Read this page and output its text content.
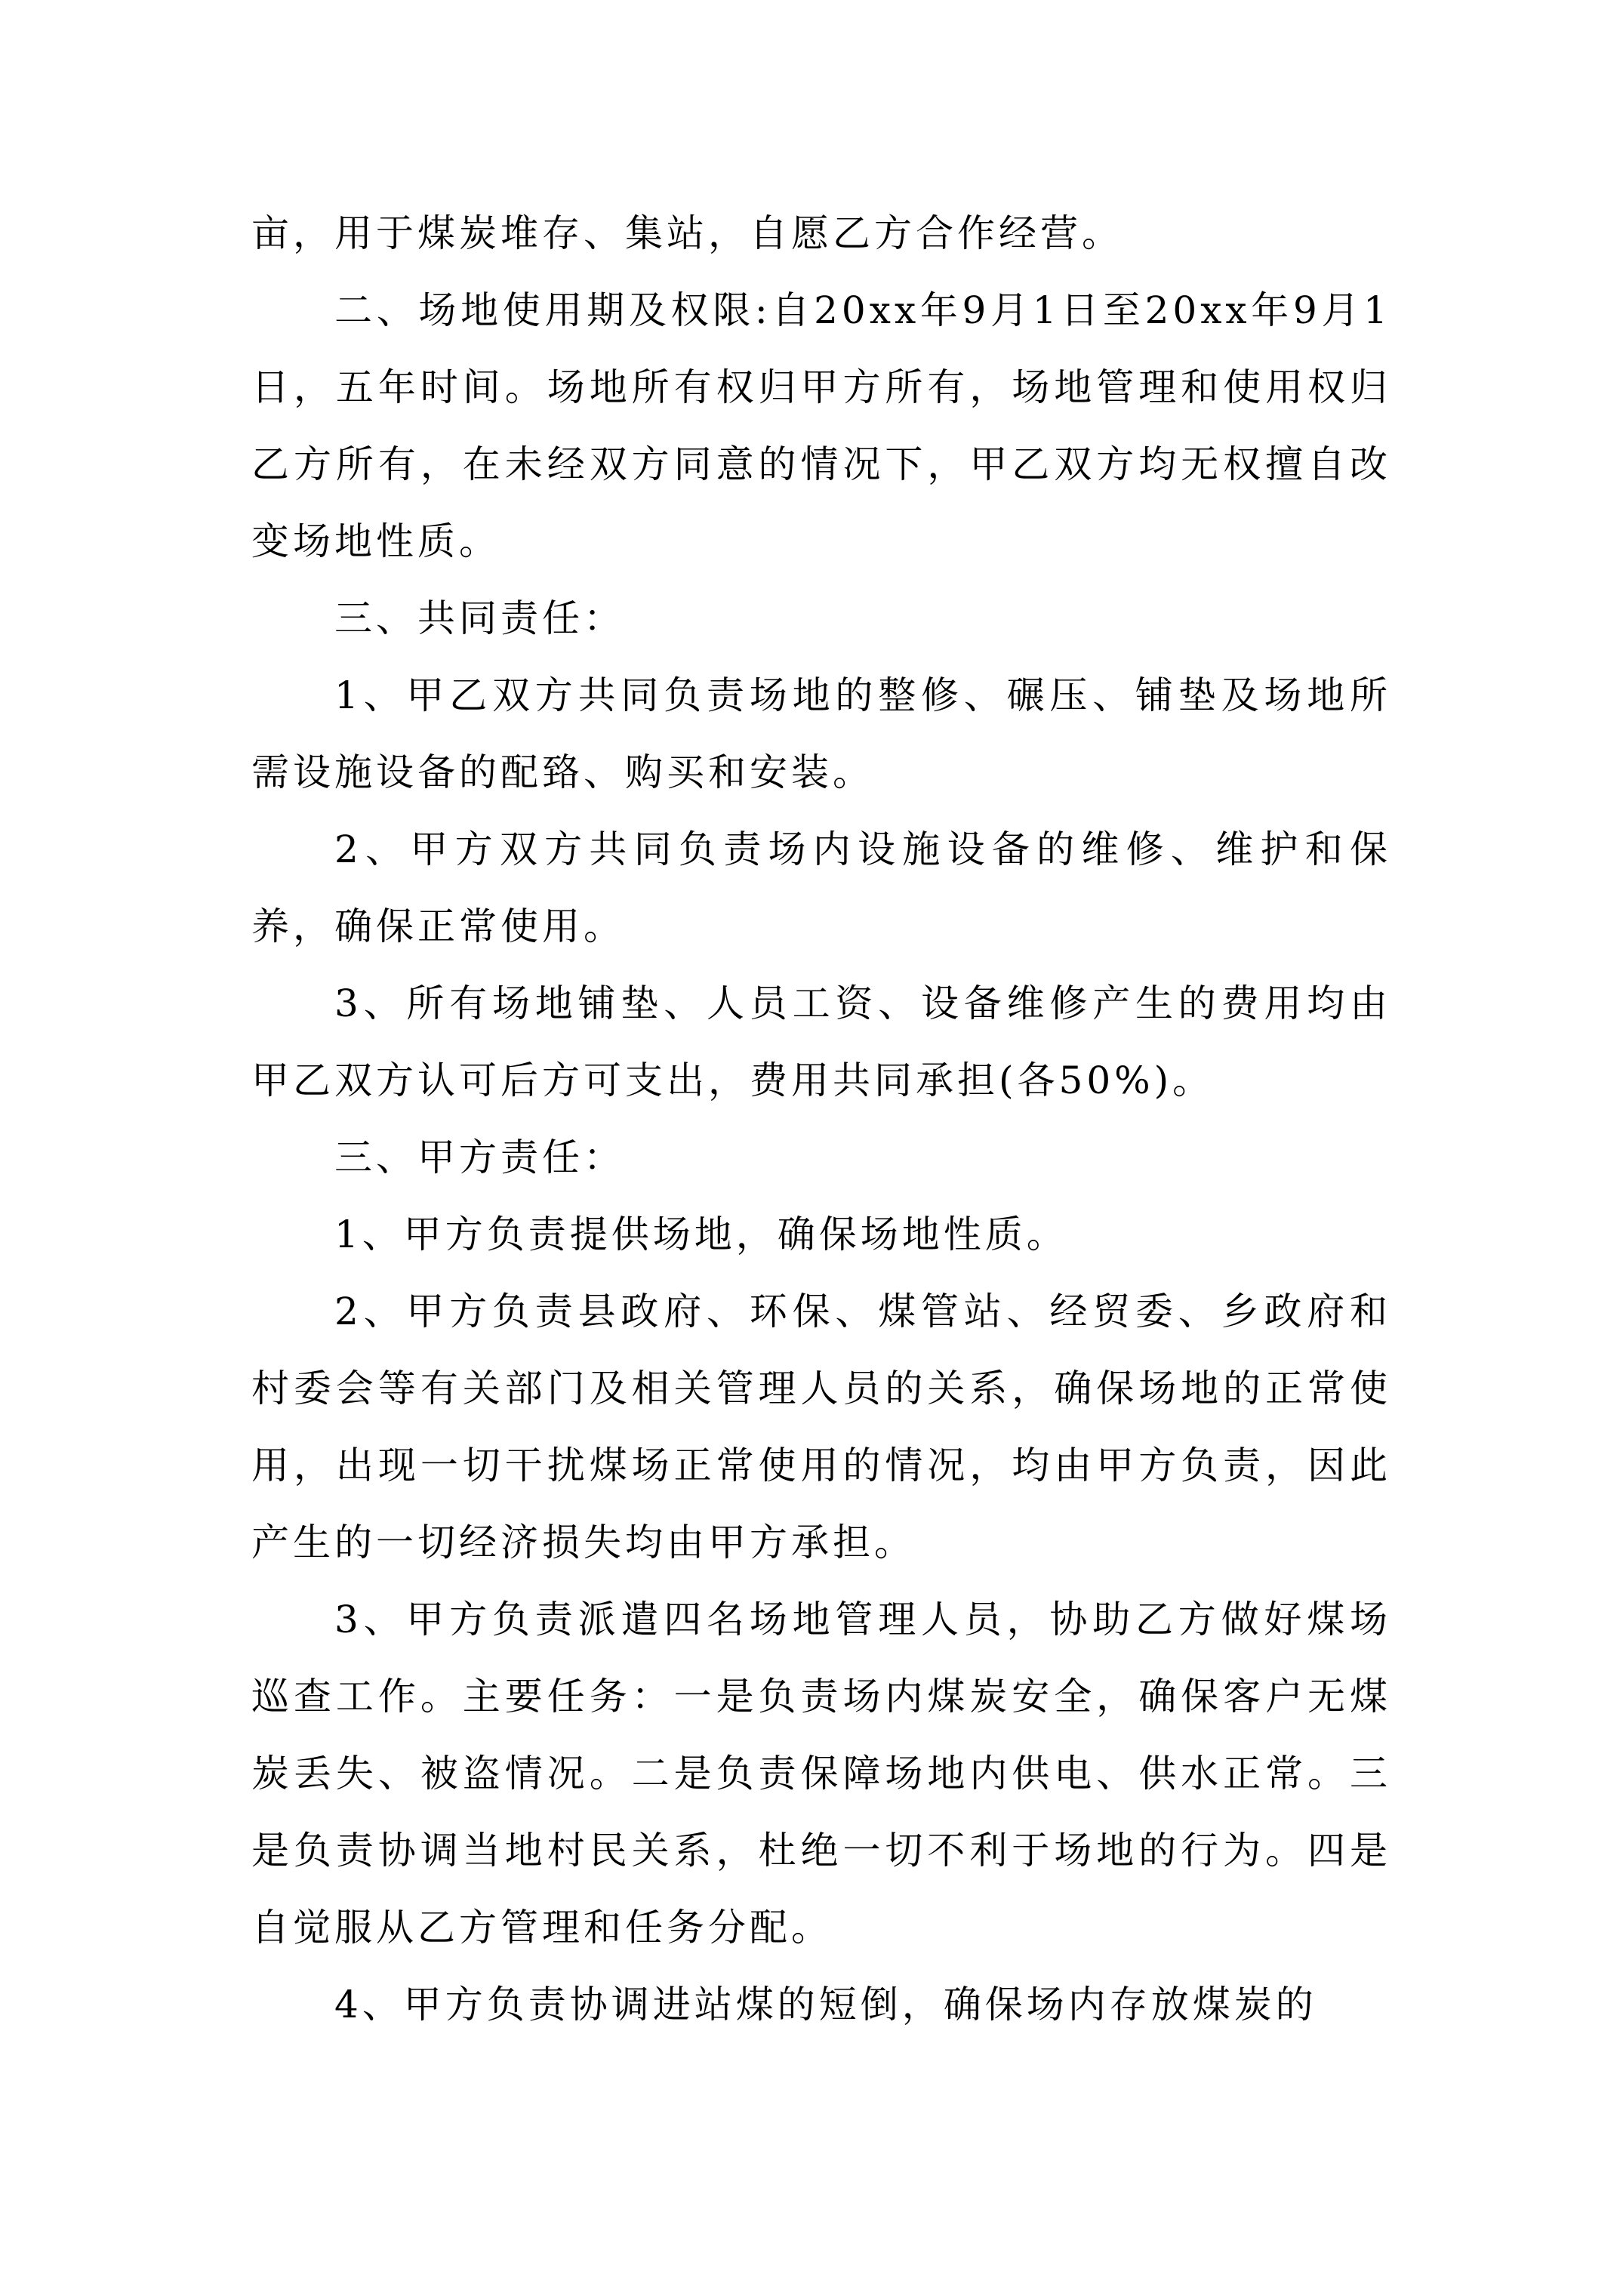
亩，用于煤炭堆存、集站，自愿乙方合作经营。

二、场地使用期及权限:自20xx年9月1日至20xx年9月1日，五年时间。场地所有权归甲方所有，场地管理和使用权归乙方所有，在未经双方同意的情况下，甲乙双方均无权擅自改变场地性质。

三、共同责任：

1、甲乙双方共同负责场地的整修、碾压、铺垫及场地所需设施设备的配臵、购买和安装。

2、甲方双方共同负责场内设施设备的维修、维护和保养，确保正常使用。

3、所有场地铺垫、人员工资、设备维修产生的费用均由甲乙双方认可后方可支出，费用共同承担(各50%)。

三、甲方责任：

1、甲方负责提供场地，确保场地性质。

2、甲方负责县政府、环保、煤管站、经贸委、乡政府和村委会等有关部门及相关管理人员的关系，确保场地的正常使用，出现一切干扰煤场正常使用的情况，均由甲方负责，因此产生的一切经济损失均由甲方承担。

3、甲方负责派遣四名场地管理人员，协助乙方做好煤场巡查工作。主要任务：一是负责场内煤炭安全，确保客户无煤炭丢失、被盗情况。二是负责保障场地内供电、供水正常。三是负责协调当地村民关系，杜绝一切不利于场地的行为。四是自觉服从乙方管理和任务分配。

4、甲方负责协调进站煤的短倒，确保场内存放煤炭的
